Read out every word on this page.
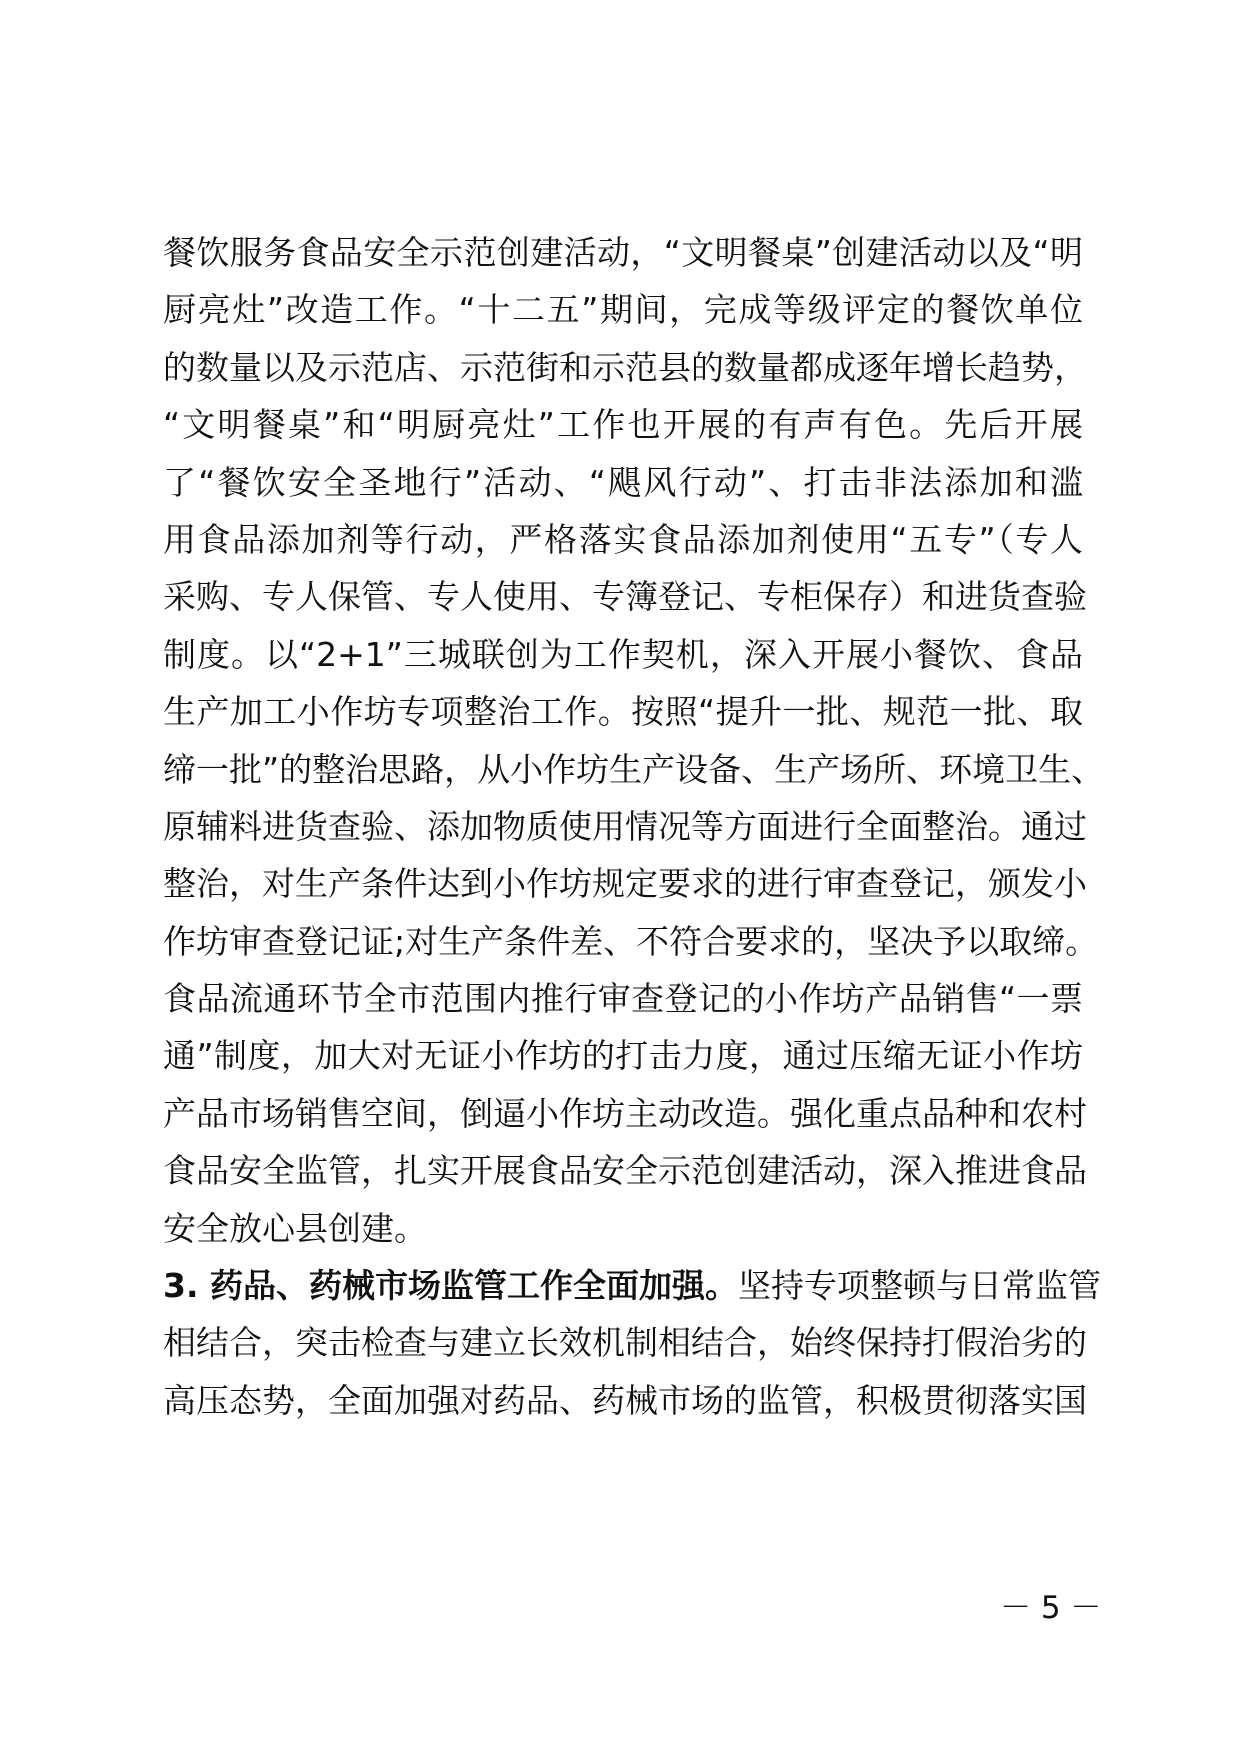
餐饮服务食品安全示范创建活动，“文明餐桌”创建活动以及“明
厨亮灶”改造工作。“十二五”期间，完成等级评定的餐饮单位
的数量以及示范店、示范街和示范县的数量都成逐年增长趋势，
“文明餐桌”和“明厨亮灶”工作也开展的有声有色。先后开展
了“餐饮安全圣地行”活动、“飓风行动”、打击非法添加和滥
用食品添加剂等行动，严格落实食品添加剂使用“五专”（专人
采购、专人保管、专人使用、专簿登记、专柜保存）和进货查验
制度。以“2+1”三城联创为工作契机，深入开展小餐饮、食品
生产加工小作坊专项整治工作。按照“提升一批、规范一批、取
缔一批”的整治思路，从小作坊生产设备、生产场所、环境卫生、
原辅料进货查验、添加物质使用情况等方面进行全面整治。通过
整治，对生产条件达到小作坊规定要求的进行审查登记，颁发小
作坊审查登记证;对生产条件差、不符合要求的，坚决予以取缔。
食品流通环节全市范围内推行审查登记的小作坊产品销售“一票
通”制度，加大对无证小作坊的打击力度，通过压缩无证小作坊
产品市场销售空间，倒逼小作坊主动改造。强化重点品种和农村
食品安全监管，扎实开展食品安全示范创建活动，深入推进食品
安全放心县创建。
3. 药品、药械市场监管工作全面加强。坚持专项整顿与日常监管
相结合，突击检查与建立长效机制相结合，始终保持打假治劣的
高压态势，全面加强对药品、药械市场的监管，积极贯彻落实国
－ 5 －
